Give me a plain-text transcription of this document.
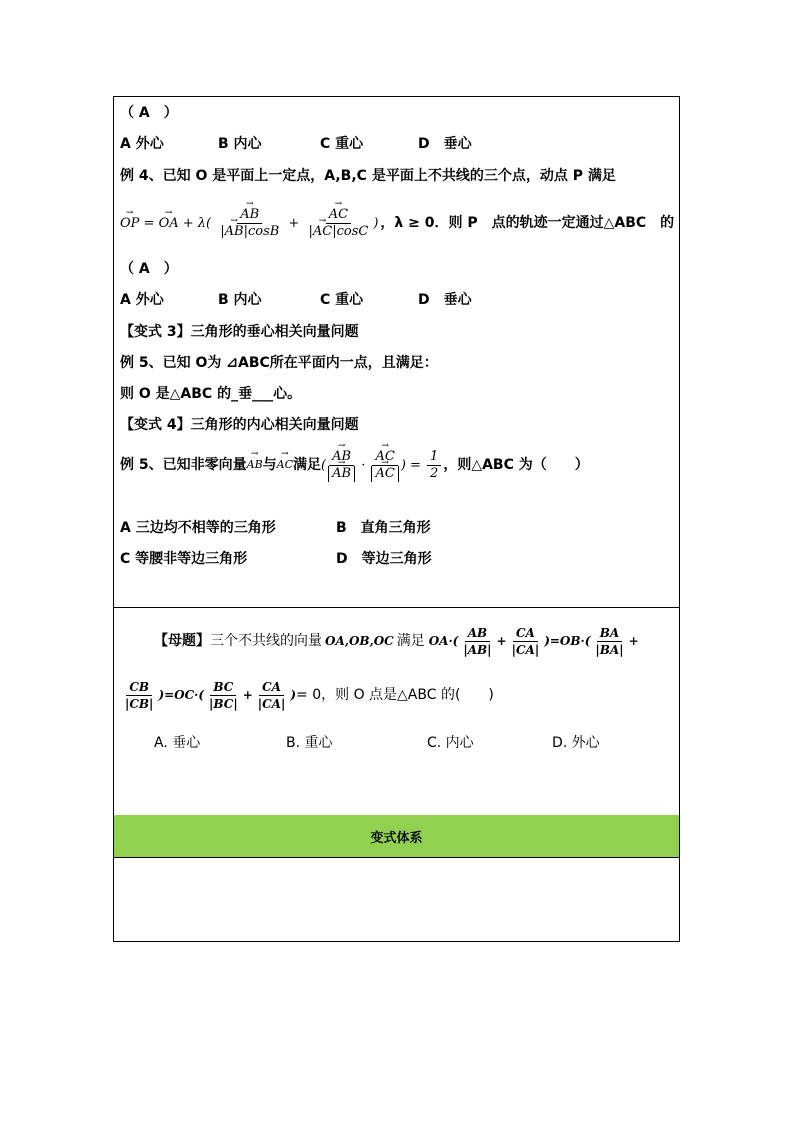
（ A　）
A 外心	B 内心	C 重心	D　垂心
例 4、已知 O 是平面上一定点，A,B,C 是平面上不共线的三个点，动点 P 满足
→ OP = → OA + λ(
→ $\frac{AB}{|\to AB|\cos B}$ +
→ $\frac{AC}{|\to AC|\cos C}$ ) ，λ ≥ 0．则 P　点的轨迹一定通过△ABC　的
（ A　）
A 外心	B 内心	C 重心	D　垂心
【变式 3】三角形的垂心相关向量问题
例 5、已知 O为 ⊿ABC所在平面内一点，且满足：
则 O 是△ABC 的_垂___心。
【变式 4】三角形的内心相关向量问题
例 5、已知非零向量
→ AB 与
→ AC 满足 (
→ AB
→ AB ·
→ AC
→ AC ) = $\frac{1}{2}$ ，则△ABC 为（　　）
A 三边均不相等的三角形	B　直角三角形
C 等腰非等边三角形	D　等边三角形
【母题】 三个不共线的向量 OA,OB,OC 满足 $OA\cdot( \frac{AB}{|AB|} + \frac{CA}{|CA|} )=OB\cdot( \frac{BA}{|BA|}$ +
$\frac{CB}{|CB|} )=OC\cdot( \frac{BC}{|BC|} + \frac{CA}{|CA|}$ ) = 0，则 O 点是△ABC 的(　　)
A. 垂心	B. 重心	C. 内心	D. 外心
变式体系
